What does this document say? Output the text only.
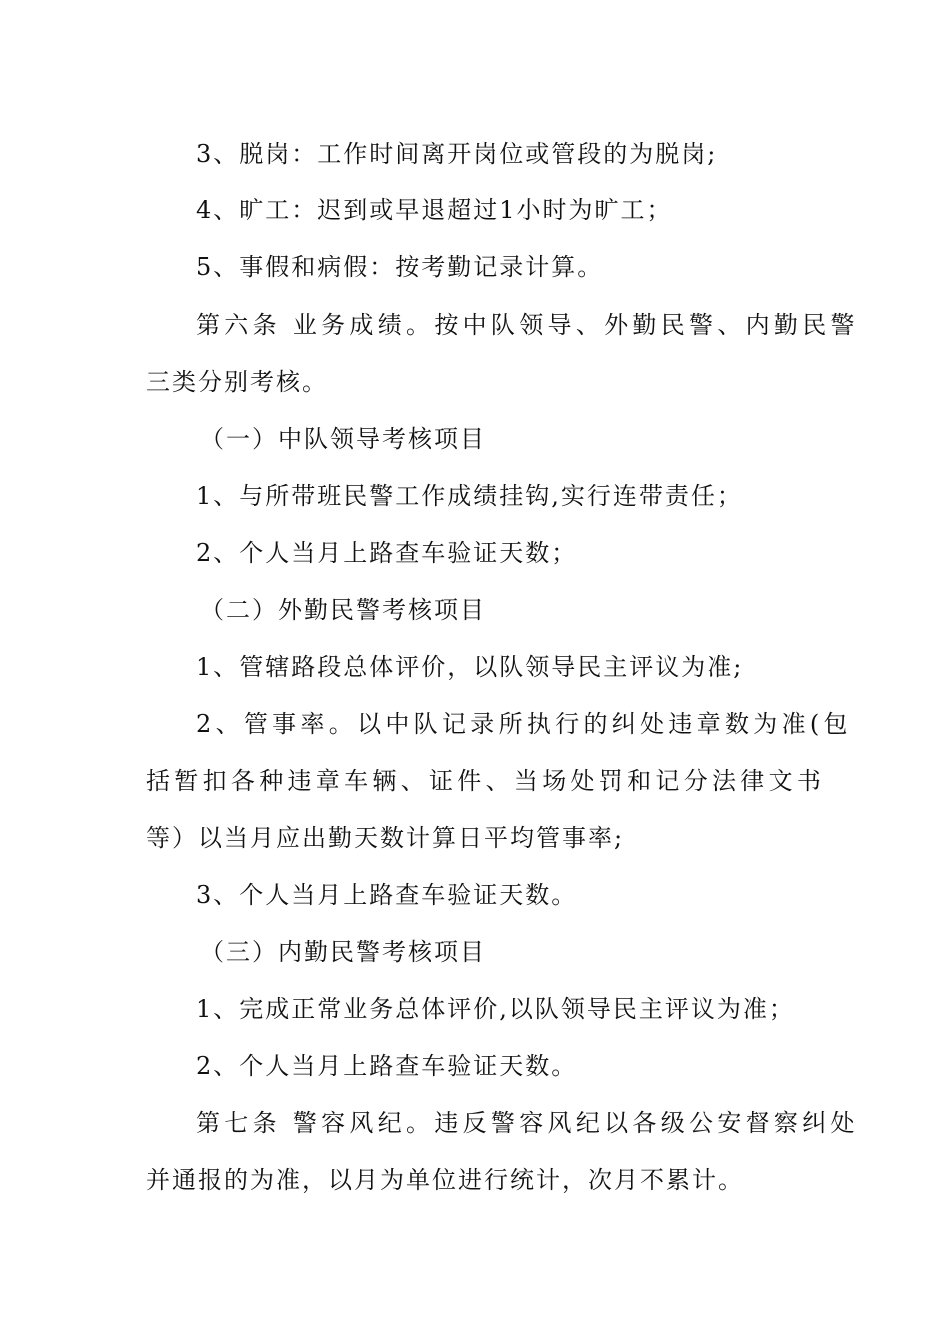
3、脱岗：工作时间离开岗位或管段的为脱岗;
4、旷工：迟到或早退超过1小时为旷工；
5、事假和病假：按考勤记录计算。
第六条 业务成绩。按中队领导、外勤民警、内勤民警
三类分别考核。
（一）中队领导考核项目
1、与所带班民警工作成绩挂钩,实行连带责任；
2、个人当月上路查车验证天数；
（二）外勤民警考核项目
1、管辖路段总体评价，以队领导民主评议为准;
2、管事率。以中队记录所执行的纠处违章数为准(包
括暂扣各种违章车辆、证件、当场处罚和记分法律文书
等）以当月应出勤天数计算日平均管事率;
3、个人当月上路查车验证天数。
（三）内勤民警考核项目
1、完成正常业务总体评价,以队领导民主评议为准；
2、个人当月上路查车验证天数。
第七条 警容风纪。违反警容风纪以各级公安督察纠处
并通报的为准，以月为单位进行统计，次月不累计。
